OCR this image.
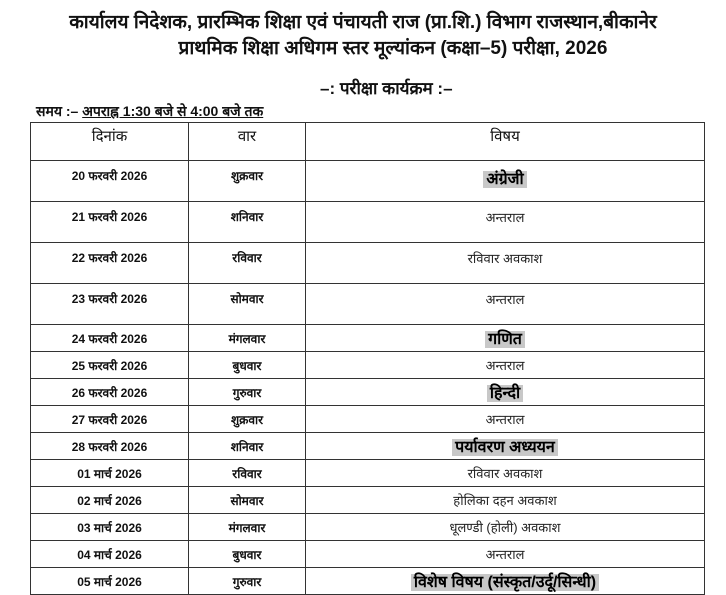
कार्यालय निदेशक, प्रारम्भिक शिक्षा एवं पंचायती राज (प्रा.शि.) विभाग राजस्थान,बीकानेर
प्राथमिक शिक्षा अधिगम स्तर मूल्यांकन (कक्षा–5) परीक्षा, 2026
–: परीक्षा कार्यक्रम :–
समय :– अपराह्न 1:30 बजे से 4:00 बजे तक
दिनांक	वार	विषय
20 फरवरी 2026	शुक्रवार	अंग्रेजी
21 फरवरी 2026	शनिवार	अन्तराल
22 फरवरी 2026	रविवार	रविवार अवकाश
23 फरवरी 2026	सोमवार	अन्तराल
24 फरवरी 2026	मंगलवार	गणित
25 फरवरी 2026	बुधवार	अन्तराल
26 फरवरी 2026	गुरुवार	हिन्दी
27 फरवरी 2026	शुक्रवार	अन्तराल
28 फरवरी 2026	शनिवार	पर्यावरण अध्ययन
01 मार्च 2026	रविवार	रविवार अवकाश
02 मार्च 2026	सोमवार	होलिका दहन अवकाश
03 मार्च 2026	मंगलवार	धूलण्डी (होली) अवकाश
04 मार्च 2026	बुधवार	अन्तराल
05 मार्च 2026	गुरुवार	विशेष विषय (संस्कृत/उर्दू/सिन्धी)
